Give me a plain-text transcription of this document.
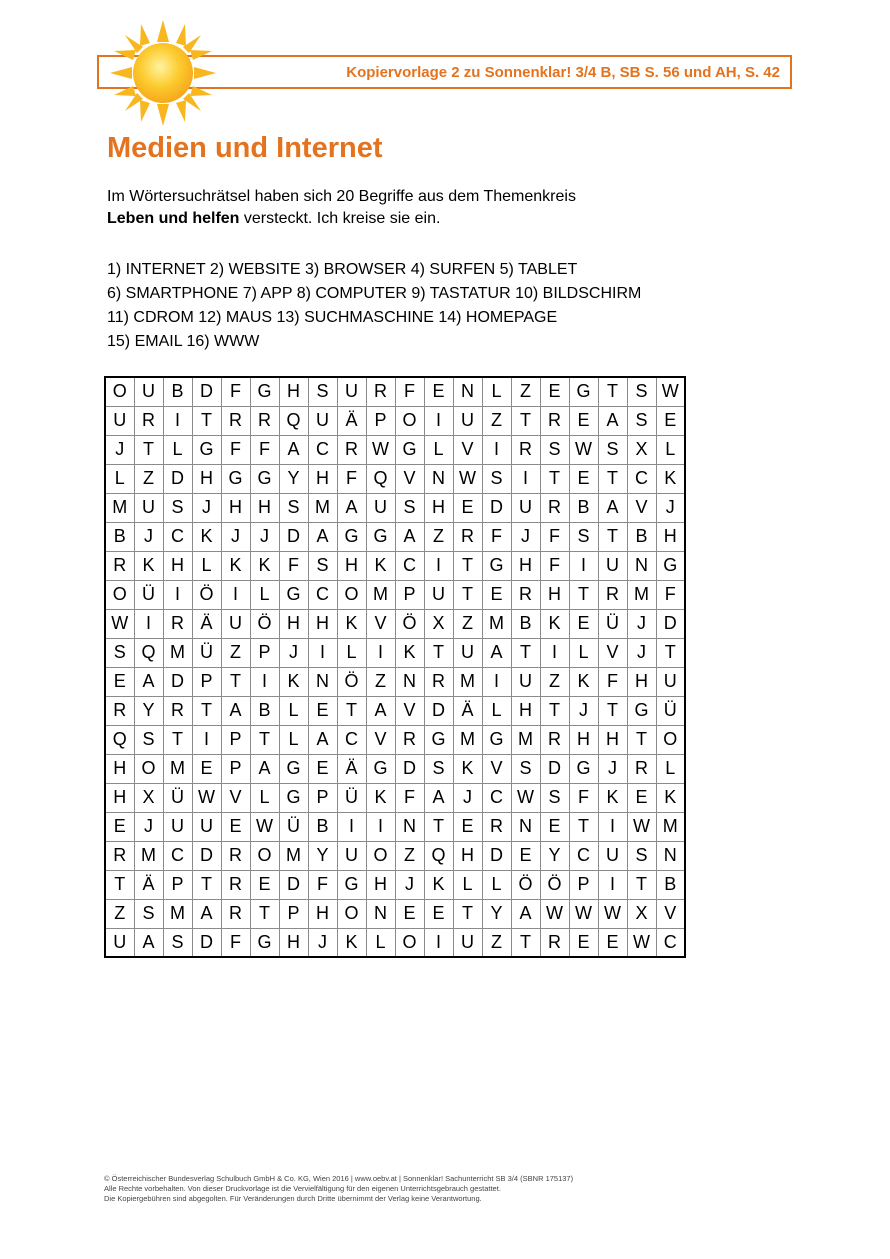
Kopiervorlage 2 zu Sonnenklar! 3/4 B, SB S. 56 und AH, S. 42
Medien und Internet
Im Wörtersuchrätsel haben sich 20 Begriffe aus dem Themenkreis
Leben und helfen versteckt. Ich kreise sie ein.
1) INTERNET 2) WEBSITE 3) BROWSER 4) SURFEN 5) TABLET
6) SMARTPHONE 7) APP 8) COMPUTER 9) TASTATUR 10) BILDSCHIRM
11) CDROM 12) MAUS 13) SUCHMASCHINE 14) HOMEPAGE
15) EMAIL 16) WWW
O	U	B	D	F	G	H	S	U	R	F	E	N	L	Z	E	G	T	S	W
U	R	I	T	R	R	Q	U	Ä	P	O	I	U	Z	T	R	E	A	S	E
J	T	L	G	F	F	A	C	R	W	G	L	V	I	R	S	W	S	X	L
L	Z	D	H	G	G	Y	H	F	Q	V	N	W	S	I	T	E	T	C	K
M	U	S	J	H	H	S	M	A	U	S	H	E	D	U	R	B	A	V	J
B	J	C	K	J	J	D	A	G	G	A	Z	R	F	J	F	S	T	B	H
R	K	H	L	K	K	F	S	H	K	C	I	T	G	H	F	I	U	N	G
O	Ü	I	Ö	I	L	G	C	O	M	P	U	T	E	R	H	T	R	M	F
W	I	R	Ä	U	Ö	H	H	K	V	Ö	X	Z	M	B	K	E	Ü	J	D
S	Q	M	Ü	Z	P	J	I	L	I	K	T	U	A	T	I	L	V	J	T
E	A	D	P	T	I	K	N	Ö	Z	N	R	M	I	U	Z	K	F	H	U
R	Y	R	T	A	B	L	E	T	A	V	D	Ä	L	H	T	J	T	G	Ü
Q	S	T	I	P	T	L	A	C	V	R	G	M	G	M	R	H	H	T	O
H	O	M	E	P	A	G	E	Ä	G	D	S	K	V	S	D	G	J	R	L
H	X	Ü	W	V	L	G	P	Ü	K	F	A	J	C	W	S	F	K	E	K
E	J	U	U	E	W	Ü	B	I	I	N	T	E	R	N	E	T	I	W	M
R	M	C	D	R	O	M	Y	U	O	Z	Q	H	D	E	Y	C	U	S	N
T	Ä	P	T	R	E	D	F	G	H	J	K	L	L	Ö	Ö	P	I	T	B
Z	S	M	A	R	T	P	H	O	N	E	E	T	Y	A	W	W	W	X	V
U	A	S	D	F	G	H	J	K	L	O	I	U	Z	T	R	E	E	W	C
© Österreichischer Bundesverlag Schulbuch GmbH & Co. KG, Wien 2016 | www.oebv.at | Sonnenklar! Sachunterricht SB 3/4 (SBNR 175137)
Alle Rechte vorbehalten. Von dieser Druckvorlage ist die Vervielfältigung für den eigenen Unterrichtsgebrauch gestattet.
Die Kopiergebühren sind abgegolten. Für Veränderungen durch Dritte übernimmt der Verlag keine Verantwortung.
